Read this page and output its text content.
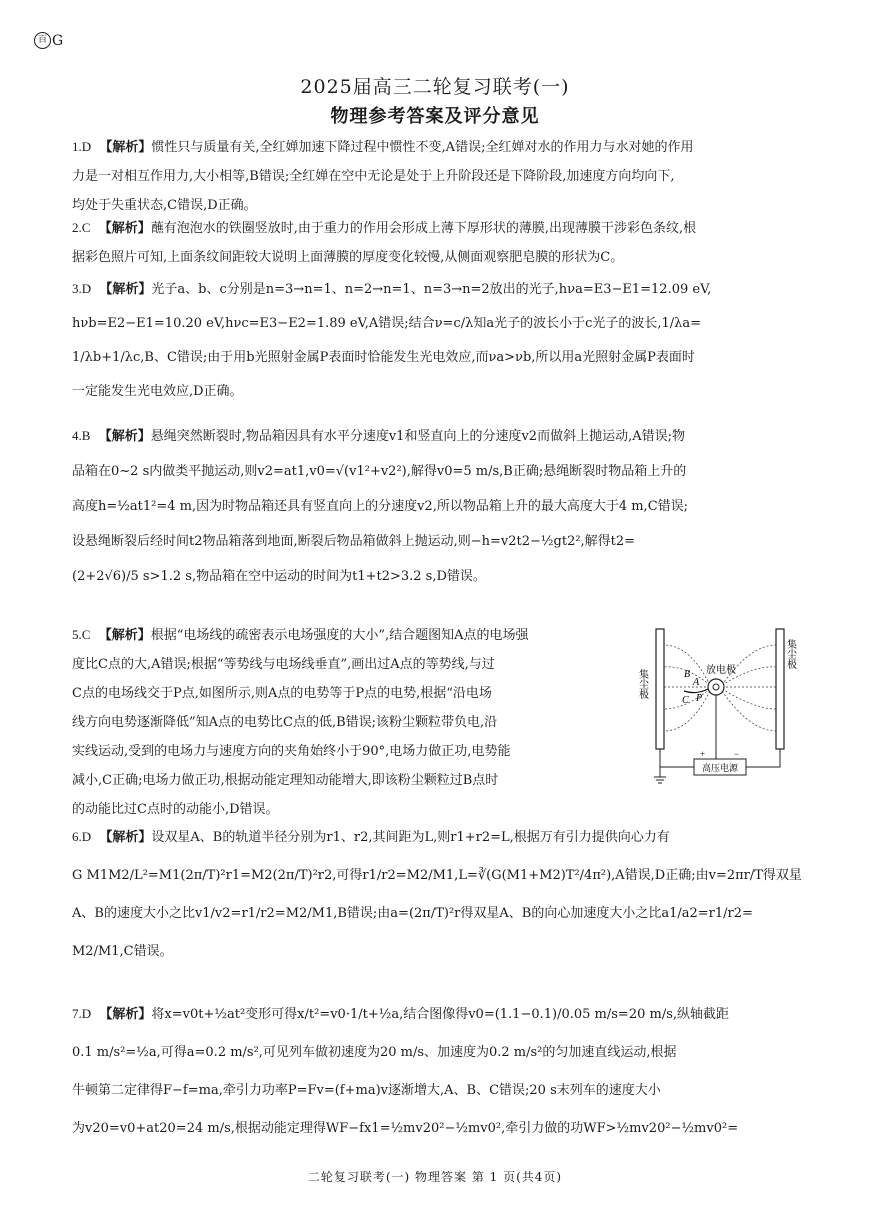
百 G
2025届高三二轮复习联考(一)
物理参考答案及评分意见
1.D 【解析】惯性只与质量有关,全红婵加速下降过程中惯性不变,A错误;全红婵对水的作用力与水对她的作用
力是一对相互作用力,大小相等,B错误;全红婵在空中无论是处于上升阶段还是下降阶段,加速度方向均向下,
均处于失重状态,C错误,D正确。
2.C 【解析】蘸有泡泡水的铁圈竖放时,由于重力的作用会形成上薄下厚形状的薄膜,出现薄膜干涉彩色条纹,根
据彩色照片可知,上面条纹间距较大说明上面薄膜的厚度变化较慢,从侧面观察肥皂膜的形状为C。
3.D 【解析】光子a、b、c分别是n=3→n=1、n=2→n=1、n=3→n=2放出的光子,hνa=E3−E1=12.09 eV,
hνb=E2−E1=10.20 eV,hνc=E3−E2=1.89 eV,A错误;结合ν=c/λ知a光子的波长小于c光子的波长,1/λa=
1/λb+1/λc,B、C错误;由于用b光照射金属P表面时恰能发生光电效应,而νa>νb,所以用a光照射金属P表面时
一定能发生光电效应,D正确。
4.B 【解析】悬绳突然断裂时,物品箱因具有水平分速度v1和竖直向上的分速度v2而做斜上抛运动,A错误;物
品箱在0~2 s内做类平抛运动,则v2=at1,v0=√(v1²+v2²),解得v0=5 m/s,B正确;悬绳断裂时物品箱上升的
高度h=½at1²=4 m,因为时物品箱还具有竖直向上的分速度v2,所以物品箱上升的最大高度大于4 m,C错误;
设悬绳断裂后经时间t2物品箱落到地面,断裂后物品箱做斜上抛运动,则−h=v2t2−½gt2²,解得t2=
(2+2√6)/5 s>1.2 s,物品箱在空中运动的时间为t1+t2>3.2 s,D错误。
5.C 【解析】根据“电场线的疏密表示电场强度的大小”,结合题图知A点的电场强
度比C点的大,A错误;根据“等势线与电场线垂直”,画出过A点的等势线,与过
C点的电场线交于P点,如图所示,则A点的电势等于P点的电势,根据“沿电场
线方向电势逐渐降低”知A点的电势比C点的低,B错误;该粉尘颗粒带负电,沿
实线运动,受到的电场力与速度方向的夹角始终小于90°,电场力做正功,电势能
减小,C正确;电场力做正功,根据动能定理知动能增大,即该粉尘颗粒过B点时
的动能比过C点时的动能小,D错误。
集尘极
集尘极
放电极
B
A
C P
高压电源
+	−
6.D 【解析】设双星A、B的轨道半径分别为r1、r2,其间距为L,则r1+r2=L,根据万有引力提供向心力有
G M1M2/L²=M1(2π/T)²r1=M2(2π/T)²r2,可得r1/r2=M2/M1,L=∛(G(M1+M2)T²/4π²),A错误,D正确;由v=2πr/T得双星
A、B的速度大小之比v1/v2=r1/r2=M2/M1,B错误;由a=(2π/T)²r得双星A、B的向心加速度大小之比a1/a2=r1/r2=
M2/M1,C错误。
7.D 【解析】将x=v0t+½at²变形可得x/t²=v0·1/t+½a,结合图像得v0=(1.1−0.1)/0.05 m/s=20 m/s,纵轴截距
0.1 m/s²=½a,可得a=0.2 m/s²,可见列车做初速度为20 m/s、加速度为0.2 m/s²的匀加速直线运动,根据
牛顿第二定律得F−f=ma,牵引力功率P=Fv=(f+ma)v逐渐增大,A、B、C错误;20 s末列车的速度大小
为v20=v0+at20=24 m/s,根据动能定理得WF−fx1=½mv20²−½mv0²,牵引力做的功WF>½mv20²−½mv0²=
二轮复习联考(一) 物理答案 第 1 页(共4页)
